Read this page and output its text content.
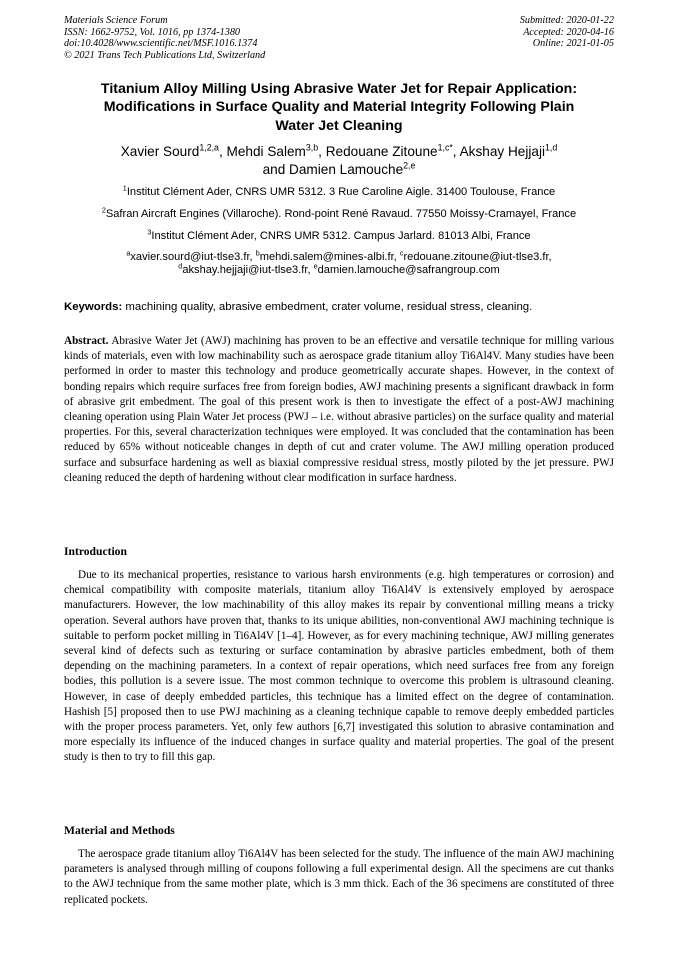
Materials Science Forum
ISSN: 1662-9752, Vol. 1016, pp 1374-1380
doi:10.4028/www.scientific.net/MSF.1016.1374
© 2021 Trans Tech Publications Ltd, Switzerland
Submitted: 2020-01-22
Accepted: 2020-04-16
Online: 2021-01-05
Titanium Alloy Milling Using Abrasive Water Jet for Repair Application:
Modifications in Surface Quality and Material Integrity Following Plain
Water Jet Cleaning
Xavier Sourd$^{1,2,a}$, Mehdi Salem$^{3,b}$, Redouane Zitoune$^{1,c*}$, Akshay Hejjaji$^{1,d}$
and Damien Lamouche$^{2,e}$
$^1$Institut Clément Ader, CNRS UMR 5312. 3 Rue Caroline Aigle. 31400 Toulouse, France
$^2$Safran Aircraft Engines (Villaroche). Rond-point René Ravaud. 77550 Moissy-Cramayel, France
$^3$Institut Clément Ader, CNRS UMR 5312. Campus Jarlard. 81013 Albi, France
$^a$xavier.sourd@iut-tlse3.fr, $^b$mehdi.salem@mines-albi.fr, $^c$redouane.zitoune@iut-tlse3.fr,
$^d$akshay.hejjaji@iut-tlse3.fr, $^e$damien.lamouche@safrangroup.com
Keywords: machining quality, abrasive embedment, crater volume, residual stress, cleaning.
Abstract. Abrasive Water Jet (AWJ) machining has proven to be an effective and versatile technique for milling various kinds of materials, even with low machinability such as aerospace grade titanium alloy Ti6Al4V. Many studies have been performed in order to master this technology and produce geometrically accurate shapes. However, in the context of bonding repairs which require surfaces free from foreign bodies, AWJ machining presents a significant drawback in form of abrasive grit embedment. The goal of this present work is then to investigate the effect of a post-AWJ machining cleaning operation using Plain Water Jet process (PWJ – i.e. without abrasive particles) on the surface quality and material properties. For this, several characterization techniques were employed. It was concluded that the contamination has been reduced by 65% without noticeable changes in depth of cut and crater volume. The AWJ milling operation produced surface and subsurface hardening as well as biaxial compressive residual stress, mostly piloted by the jet pressure. PWJ cleaning reduced the depth of hardening without clear modification in surface hardness.
Introduction
Due to its mechanical properties, resistance to various harsh environments (e.g. high temperatures or corrosion) and chemical compatibility with composite materials, titanium alloy Ti6Al4V is extensively employed by aerospace manufacturers. However, the low machinability of this alloy makes its repair by conventional milling means a tricky operation. Several authors have proven that, thanks to its unique abilities, non-conventional AWJ machining technique is suitable to perform pocket milling in Ti6Al4V [1–4]. However, as for every machining technique, AWJ milling generates several kind of defects such as texturing or surface contamination by abrasive particles embedment, both of them depending on the machining parameters. In a context of repair operations, which need surfaces free from any foreign bodies, this pollution is a severe issue. The most common technique to overcome this problem is ultrasound cleaning. However, in case of deeply embedded particles, this technique has a limited effect on the degree of contamination. Hashish [5] proposed then to use PWJ machining as a cleaning technique capable to remove deeply embedded particles with the proper process parameters. Yet, only few authors [6,7] investigated this solution to abrasive contamination and more especially its influence of the induced changes in surface quality and material properties. The goal of the present study is then to try to fill this gap.
Material and Methods
The aerospace grade titanium alloy Ti6Al4V has been selected for the study. The influence of the main AWJ machining parameters is analysed through milling of coupons following a full experimental design. All the specimens are cut thanks to the AWJ technique from the same mother plate, which is 3 mm thick. Each of the 36 specimens are constituted of three replicated pockets.
